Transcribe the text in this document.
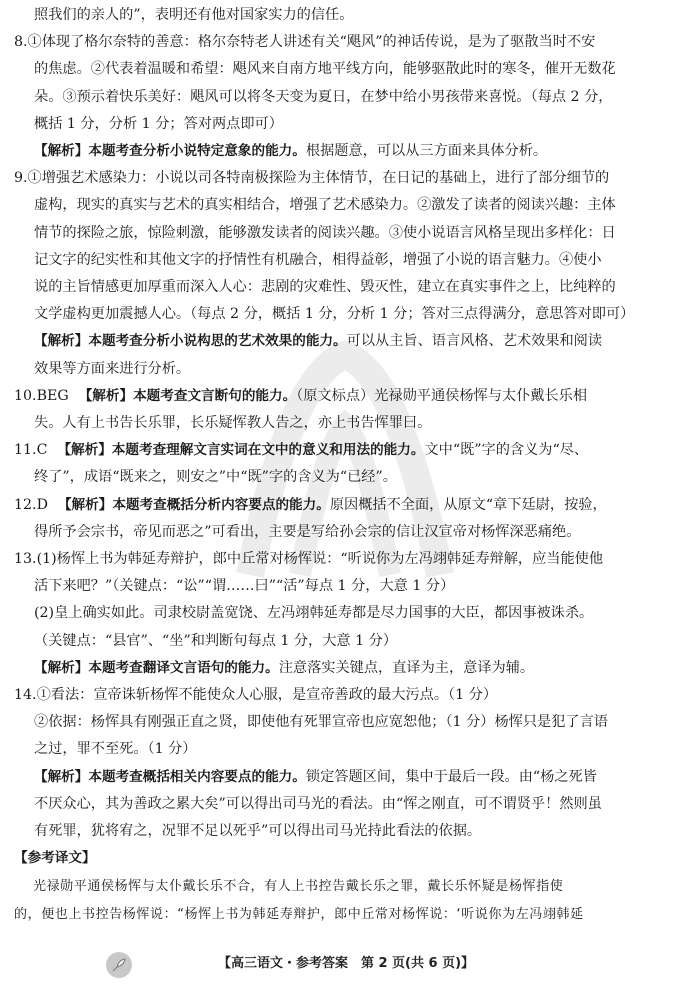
照我们的亲人的”，表明还有他对国家实力的信任。
8. ①体现了格尔奈特的善意：格尔奈特老人讲述有关“飓风”的神话传说，是为了驱散当时不安
的焦虑。②代表着温暖和希望：飓风来自南方地平线方向，能够驱散此时的寒冬，催开无数花
朵。③预示着快乐美好：飓风可以将冬天变为夏日，在梦中给小男孩带来喜悦。（每点 2 分，
概括 1 分，分析 1 分；答对两点即可）
【解析】本题考查分析小说特定意象的能力。根据题意，可以从三方面来具体分析。
9. ①增强艺术感染力：小说以司各特南极探险为主体情节，在日记的基础上，进行了部分细节的
虚构，现实的真实与艺术的真实相结合，增强了艺术感染力。②激发了读者的阅读兴趣：主体
情节的探险之旅，惊险刺激，能够激发读者的阅读兴趣。③使小说语言风格呈现出多样化：日
记文字的纪实性和其他文字的抒情性有机融合，相得益彰，增强了小说的语言魅力。④使小
说的主旨情感更加厚重而深入人心：悲剧的灾难性、毁灭性，建立在真实事件之上，比纯粹的
文学虚构更加震撼人心。（每点 2 分，概括 1 分，分析 1 分；答对三点得满分，意思答对即可）
【解析】本题考查分析小说构思的艺术效果的能力。可以从主旨、语言风格、艺术效果和阅读
效果等方面来进行分析。
10. BEG 【解析】本题考查文言断句的能力。（原文标点）光禄勋平通侯杨恽与太仆戴长乐相
失。人有上书告长乐罪，长乐疑恽教人告之，亦上书告恽罪曰。
11. C 【解析】本题考查理解文言实词在文中的意义和用法的能力。文中“既”字的含义为“尽、
终了”，成语“既来之，则安之”中“既”字的含义为“已经”。
12. D 【解析】本题考查概括分析内容要点的能力。原因概括不全面，从原文“章下廷尉，按验，
得所予会宗书，帝见而恶之”可看出，主要是写给孙会宗的信让汉宣帝对杨恽深恶痛绝。
13. (1)杨恽上书为韩延寿辩护，郎中丘常对杨恽说：“听说你为左冯翊韩延寿辩解，应当能使他
活下来吧？”（关键点：“讼”“谓……曰”“活”每点 1 分，大意 1 分）
(2)皇上确实如此。司隶校尉盖宽饶、左冯翊韩延寿都是尽力国事的大臣，都因事被诛杀。
（关键点：“县官”、“坐”和判断句每点 1 分，大意 1 分）
【解析】本题考查翻译文言语句的能力。注意落实关键点，直译为主，意译为辅。
14. ①看法：宣帝诛斩杨恽不能使众人心服，是宣帝善政的最大污点。（1 分）
②依据：杨恽具有刚强正直之贤，即使他有死罪宣帝也应宽恕他；（1 分）杨恽只是犯了言语
之过，罪不至死。（1 分）
【解析】本题考查概括相关内容要点的能力。锁定答题区间，集中于最后一段。由“杨之死皆
不厌众心，其为善政之累大矣”可以得出司马光的看法。由“恽之刚直，可不谓贤乎！然则虽
有死罪，犹将宥之，况罪不足以死乎”可以得出司马光持此看法的依据。
【参考译文】
光禄勋平通侯杨恽与太仆戴长乐不合，有人上书控告戴长乐之罪，戴长乐怀疑是杨恽指使
的，便也上书控告杨恽说：“杨恽上书为韩延寿辩护，郎中丘常对杨恽说：‘听说你为左冯翊韩延
【高三语文・参考答案　第 2 页(共 6 页)】
